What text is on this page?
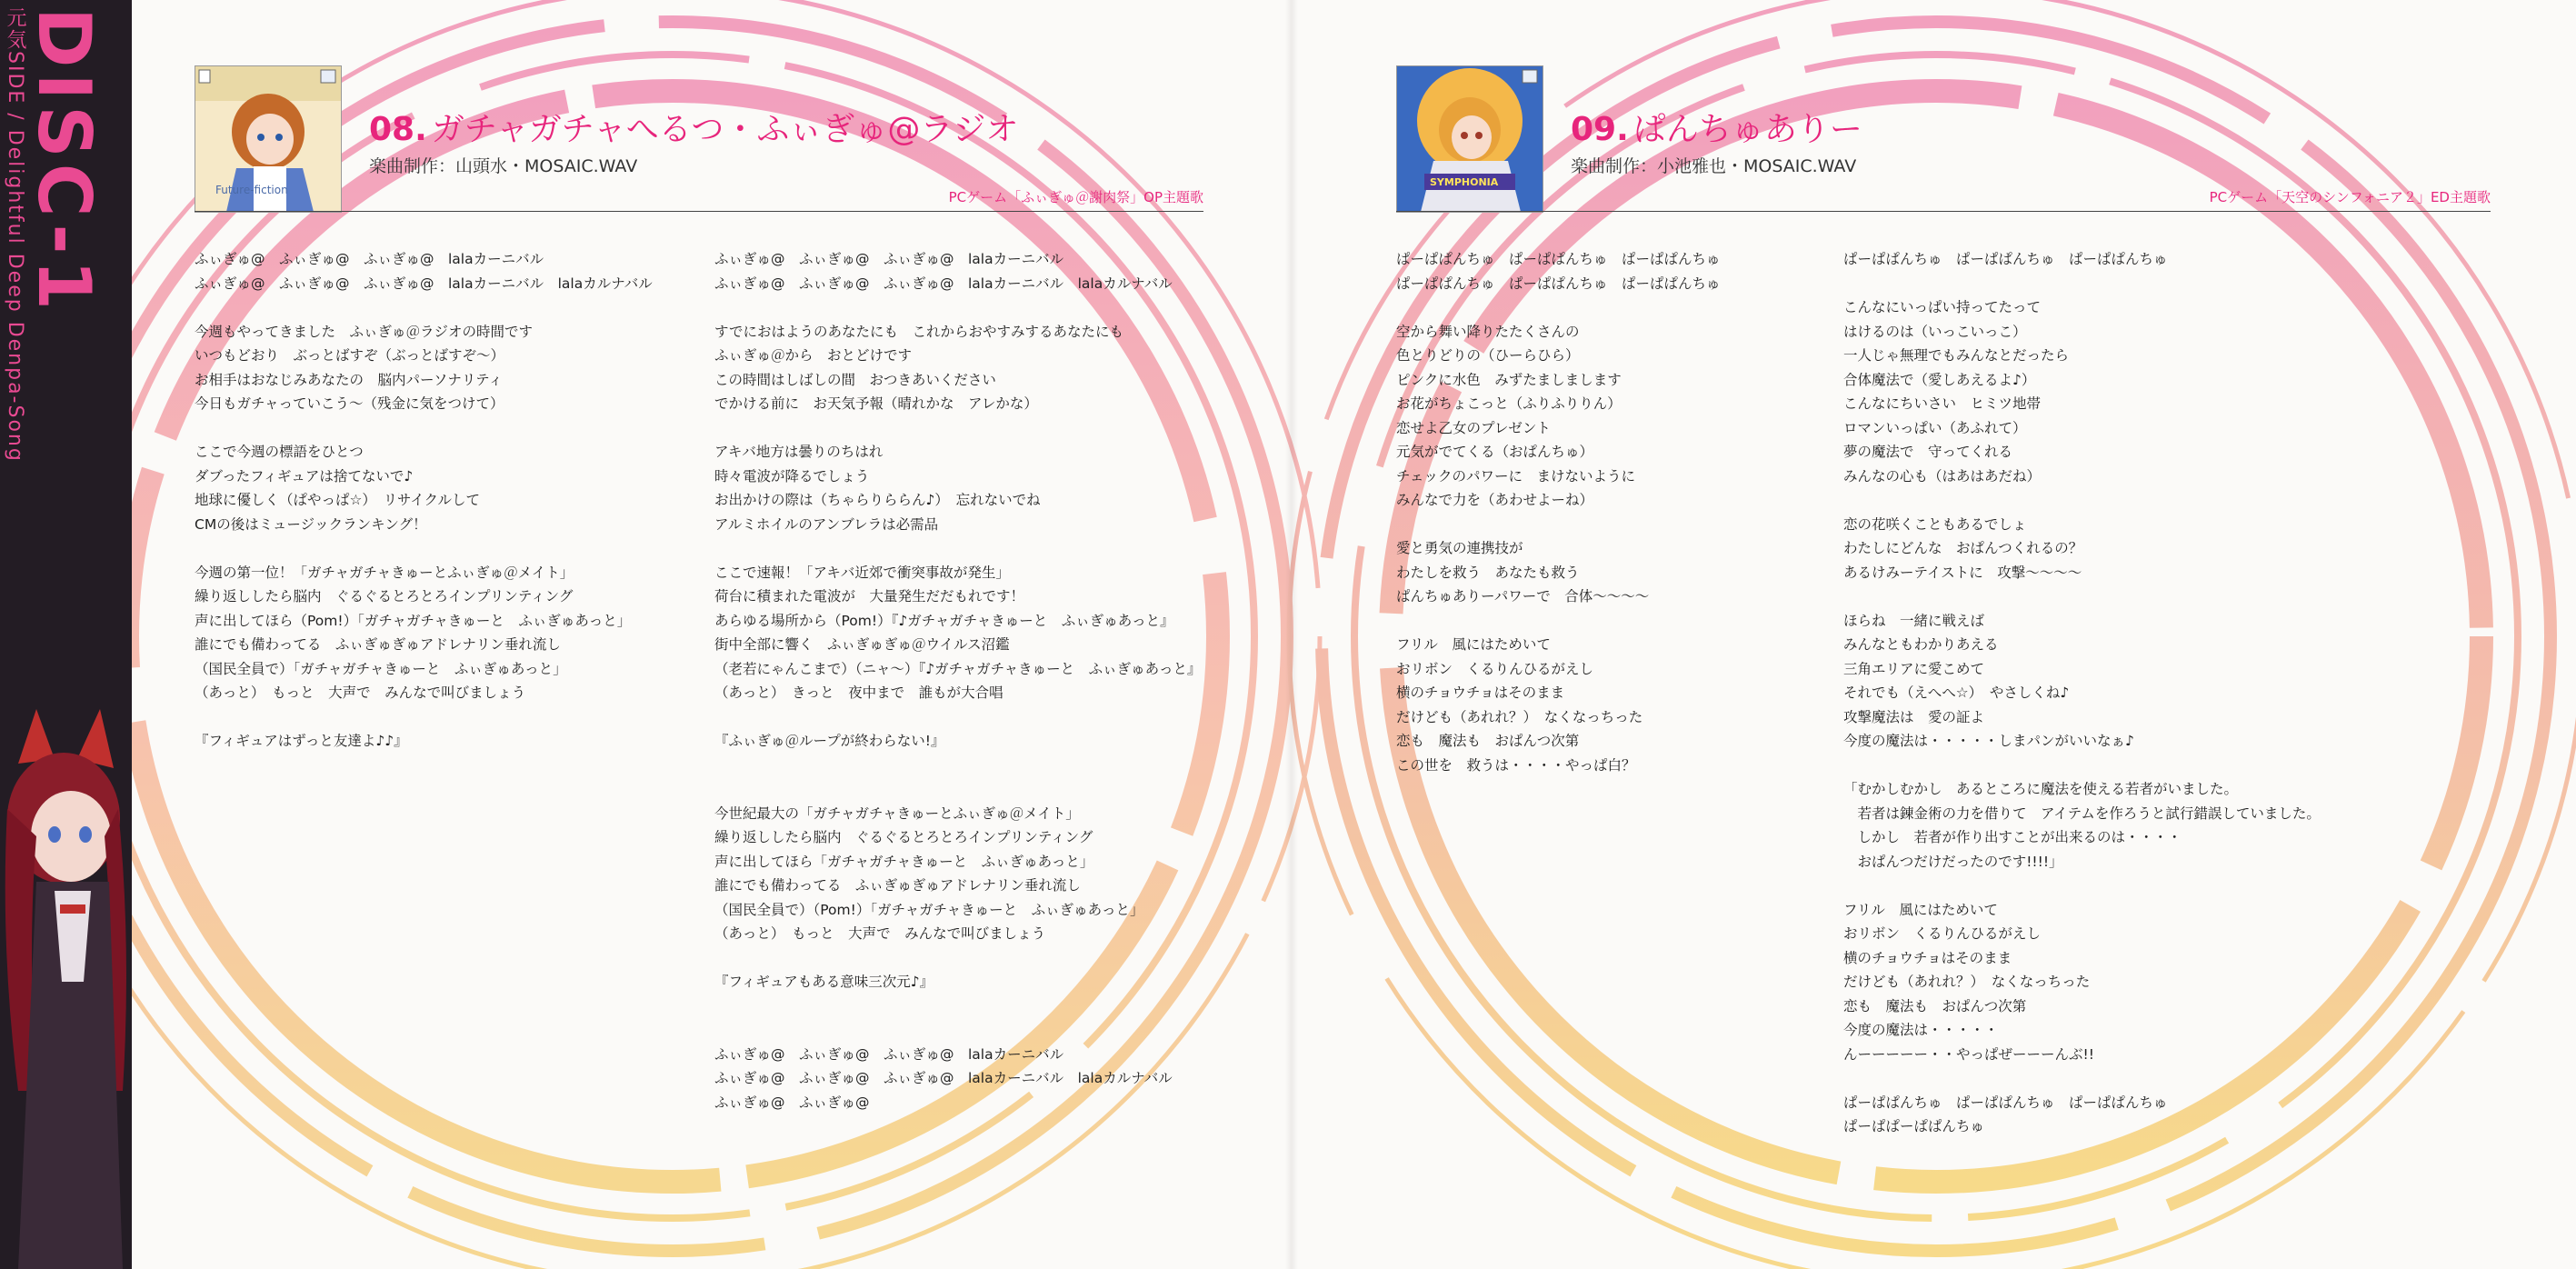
DISC-1
元気SIDE / Delightful Deep Denpa-Song	Future-fiction
08. ガチャガチャへるつ・ふぃぎゅ@ラジオ
楽曲制作：山頭水・MOSAIC.WAV
PCゲーム「ふぃぎゅ＠謝肉祭」OP主題歌
ふぃぎゅ@　ふぃぎゅ@　ふぃぎゅ@　lalaカーニバル
ふぃぎゅ@　ふぃぎゅ@　ふぃぎゅ@　lalaカーニバル　lalaカルナバル

今週もやってきました　ふぃぎゅ＠ラジオの時間です
いつもどおり　ぶっとばすぞ（ぶっとばすぞ〜）
お相手はおなじみあなたの　脳内パーソナリティ
今日もガチャっていこう〜（残金に気をつけて）

ここで今週の標語をひとつ
ダブったフィギュアは捨てないで♪
地球に優しく（ぱやっぱ☆）　リサイクルして
CMの後はミュージックランキング！

今週の第一位！「ガチャガチャきゅーとふぃぎゅ＠メイト」
繰り返ししたら脳内　ぐるぐるとろとろインプリンティング
声に出してほら（Pom!）「ガチャガチャきゅーと　ふぃぎゅあっと」
誰にでも備わってる　ふぃぎゅぎゅアドレナリン垂れ流し
（国民全員で）「ガチャガチャきゅーと　ふぃぎゅあっと」
（あっと）　もっと　大声で　みんなで叫びましょう

『フィギュアはずっと友達よ♪♪』
ふぃぎゅ@　ふぃぎゅ@　ふぃぎゅ@　lalaカーニバル
ふぃぎゅ@　ふぃぎゅ@　ふぃぎゅ@　lalaカーニバル　lalaカルナバル

すでにおはようのあなたにも　これからおやすみするあなたにも
ふぃぎゅ＠から　おとどけです
この時間はしばしの間　おつきあいください
でかける前に　お天気予報（晴れかな　アレかな）

アキバ地方は曇りのちはれ
時々電波が降るでしょう
お出かけの際は（ちゃらりららん♪）　忘れないでね
アルミホイルのアンブレラは必需品

ここで速報！「アキバ近郊で衝突事故が発生」
荷台に積まれた電波が　大量発生だだもれです！
あらゆる場所から（Pom!）『♪ガチャガチャきゅーと　ふぃぎゅあっと』
街中全部に響く　ふぃぎゅぎゅ＠ウイルス沼鑑
（老若にゃんこまで）（ニャ〜）『♪ガチャガチャきゅーと　ふぃぎゅあっと』
（あっと）　きっと　夜中まで　誰もが大合唱

『ふぃぎゅ＠ループが終わらない!』

今世紀最大の「ガチャガチャきゅーとふぃぎゅ＠メイト」
繰り返ししたら脳内　ぐるぐるとろとろインプリンティング
声に出してほら「ガチャガチャきゅーと　ふぃぎゅあっと」
誰にでも備わってる　ふぃぎゅぎゅアドレナリン垂れ流し
（国民全員で）（Pom!）「ガチャガチャきゅーと　ふぃぎゅあっと」
（あっと）　もっと　大声で　みんなで叫びましょう

『フィギュアもある意味三次元♪』

ふぃぎゅ@　ふぃぎゅ@　ふぃぎゅ@　lalaカーニバル
ふぃぎゅ@　ふぃぎゅ@　ふぃぎゅ@　lalaカーニバル　lalaカルナバル
ふぃぎゅ@　ふぃぎゅ@
SYMPHONIA
09. ぱんちゅありー
楽曲制作：小池雅也・MOSAIC.WAV
PCゲーム「天空のシンフォニア２」ED主題歌
ぱーぱぱんちゅ　ぱーぱぱんちゅ　ぱーぱぱんちゅ
ぱーぱぱんちゅ　ぱーぱぱんちゅ　ぱーぱぱんちゅ

空から舞い降りたたくさんの
色とりどりの（ひーらひら）
ピンクに水色　みずたましまします
お花がちょこっと（ふりふりりん）
恋せよ乙女のプレゼント
元気がでてくる（おぱんちゅ）
チェックのパワーに　まけないように
みんなで力を（あわせよーね）

愛と勇気の連携技が
わたしを救う　あなたも救う
ぱんちゅありーパワーで　合体〜〜〜〜

フリル　風にはためいて
おリボン　くるりんひるがえし
横のチョウチョはそのまま
だけども（あれれ？）　なくなっちった
恋も　魔法も　おぱんつ次第
この世を　救うは・・・・やっぱ白？
ぱーぱぱんちゅ　ぱーぱぱんちゅ　ぱーぱぱんちゅ

こんなにいっぱい持ってたって
はけるのは（いっこいっこ）
一人じゃ無理でもみんなとだったら
合体魔法で（愛しあえるよ♪）
こんなにちいさい　ヒミツ地帯
ロマンいっぱい（あふれて）
夢の魔法で　守ってくれる
みんなの心も（はあはあだね）

恋の花咲くこともあるでしょ
わたしにどんな　おぱんつくれるの？
あるけみーテイストに　攻撃〜〜〜〜

ほらね　一緒に戦えば
みんなともわかりあえる
三角エリアに愛こめて
それでも（えへへ☆）　やさしくね♪
攻撃魔法は　愛の証よ
今度の魔法は・・・・・しまパンがいいなぁ♪

「むかしむかし　あるところに魔法を使える若者がいました。
　若者は錬金術の力を借りて　アイテムを作ろうと試行錯誤していました。
　しかし　若者が作り出すことが出来るのは・・・・
　おぱんつだけだったのです!!!!」

フリル　風にはためいて
おリボン　くるりんひるがえし
横のチョウチョはそのまま
だけども（あれれ？）　なくなっちった
恋も　魔法も　おぱんつ次第
今度の魔法は・・・・・
んーーーーー・・やっぱぜーーーんぶ!!

ぱーぱぱんちゅ　ぱーぱぱんちゅ　ぱーぱぱんちゅ
ぱーぱぱーぱぱんちゅ
